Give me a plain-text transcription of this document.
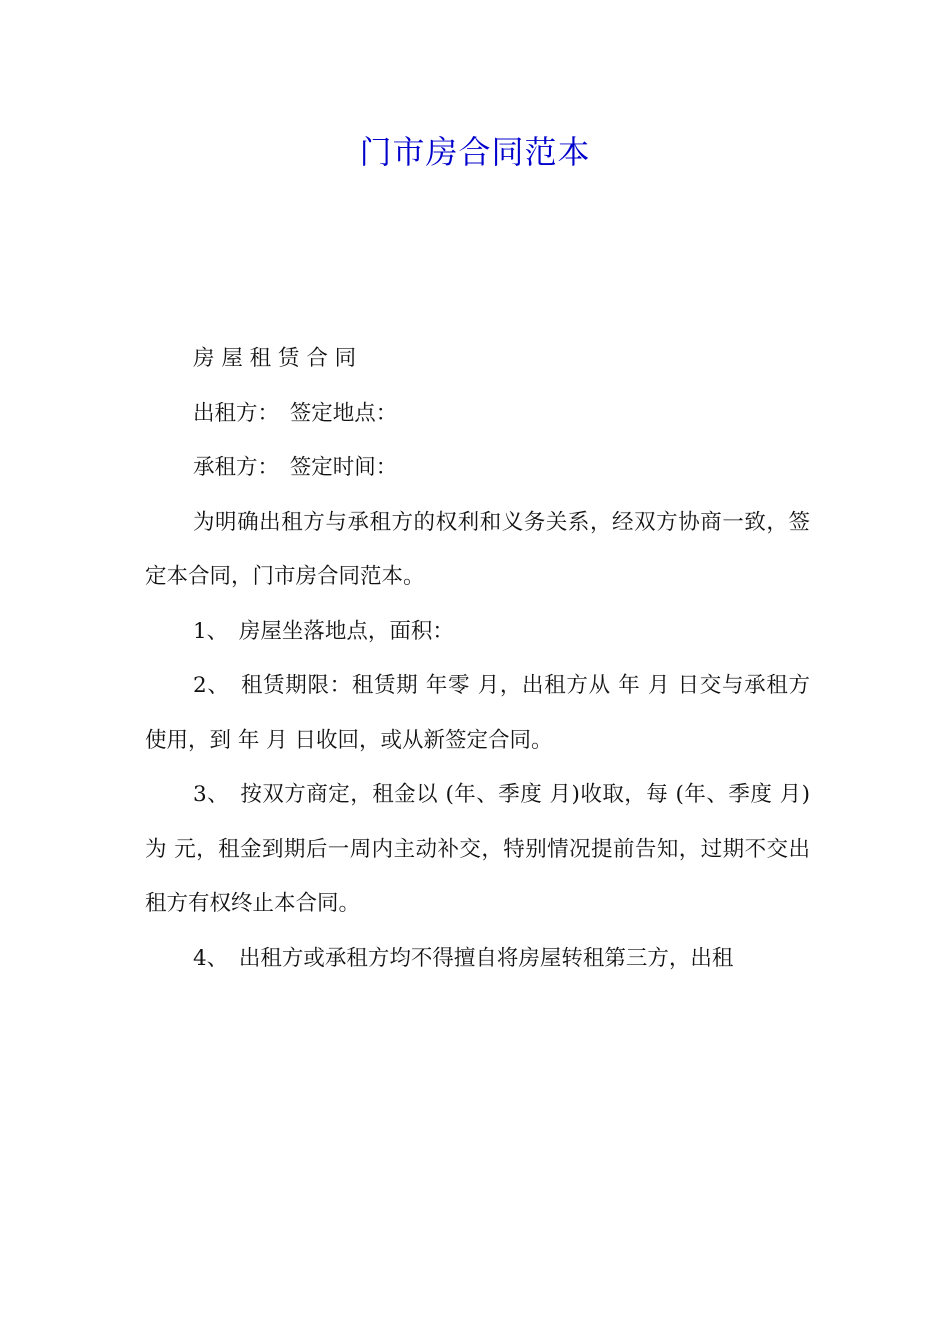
门市房合同范本

房 屋 租 赁 合 同

出租方：　签定地点：

承租方：　签定时间：

为明确出租方与承租方的权利和义务关系，经双方协商一致，签定本合同，门市房合同范本。

1、　房屋坐落地点，面积：

2、　租赁期限：租赁期 年零 月，出租方从 年 月 日交与承租方使用，到 年 月 日收回，或从新签定合同。

3、　按双方商定，租金以 (年、季度 月)收取，每 (年、季度 月)为 元，租金到期后一周内主动补交，特别情况提前告知，过期不交出租方有权终止本合同。

4、　出租方或承租方均不得擅自将房屋转租第三方，出租
